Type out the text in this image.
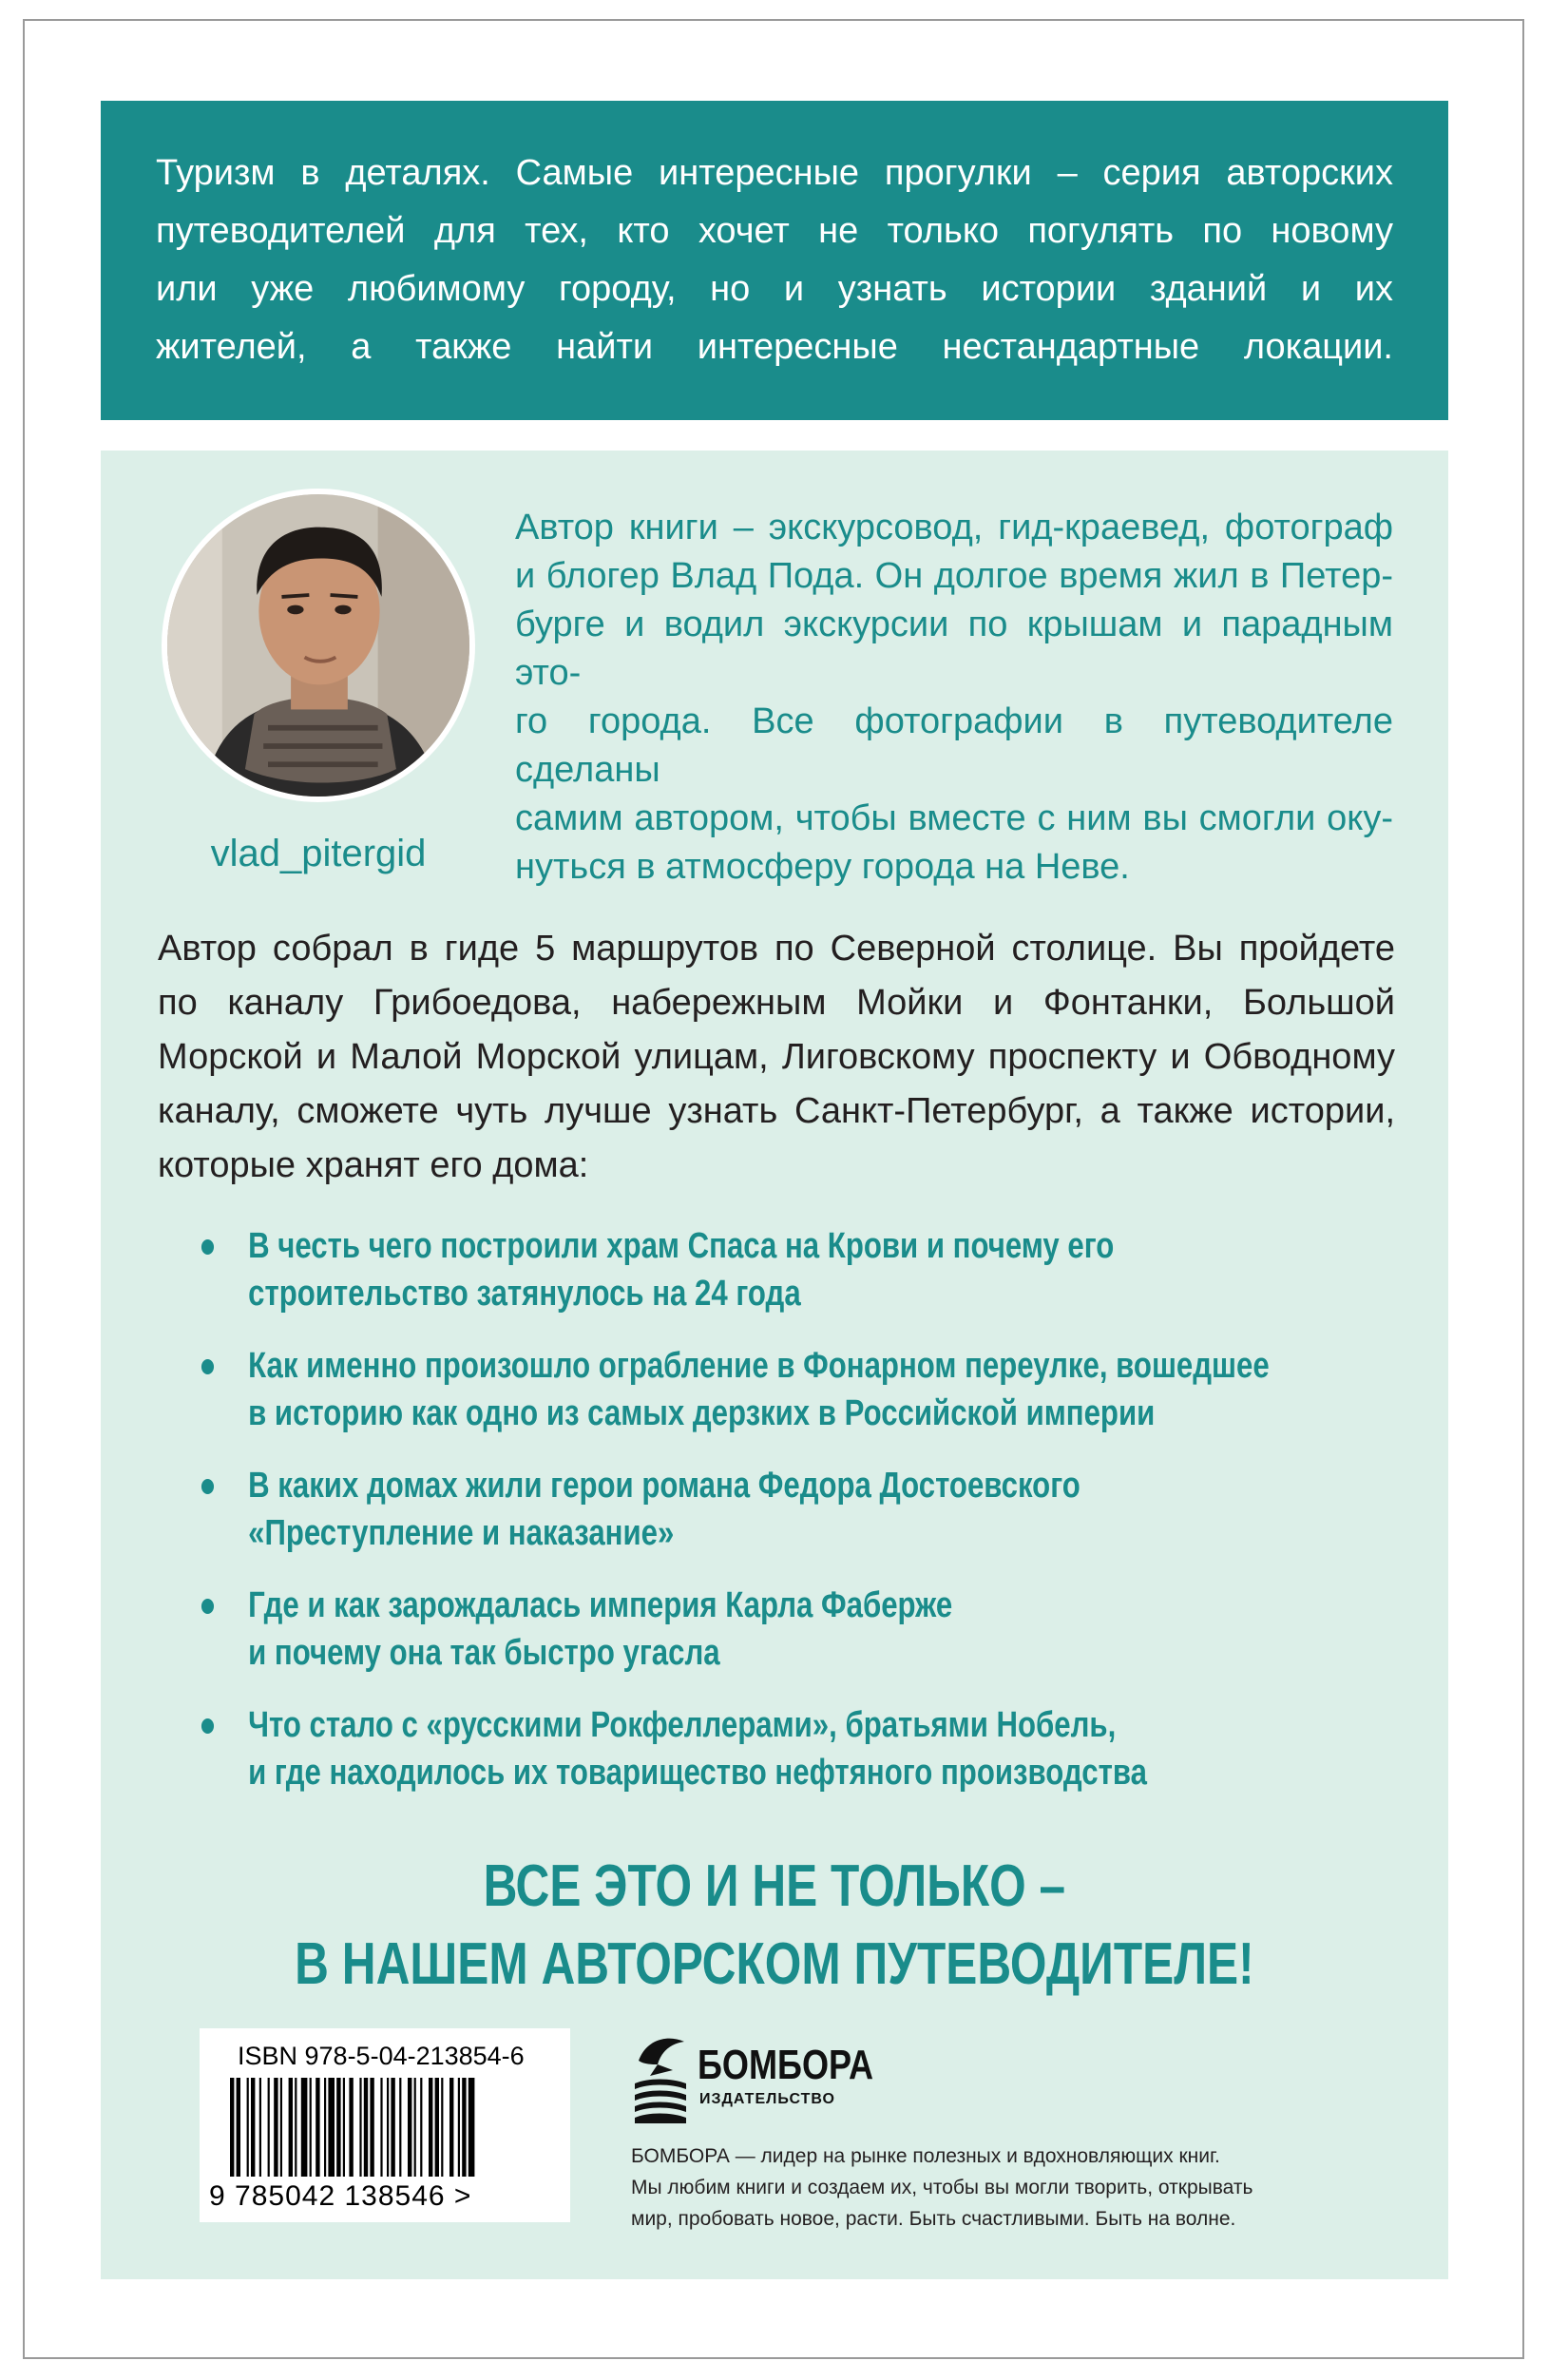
Туризм в деталях. Самые интересные прогулки – серия авторских
путеводителей для тех, кто хочет не только погулять по новому
или уже любимому городу, но и узнать истории зданий и их
жителей, а также найти интересные нестандартные локации.

vlad_pitergid
Автор книги – экскурсовод, гид-краевед, фотограф
и блогер Влад Пода. Он долгое время жил в Петер-
бурге и водил экскурсии по крышам и парадным это-
го города. Все фотографии в путеводителе сделаны
самим автором, чтобы вместе с ним вы смогли оку-
нуться в атмосферу города на Неве.
Автор собрал в гиде 5 маршрутов по Северной столице. Вы пройдете
по каналу Грибоедова, набережным Мойки и Фонтанки, Большой
Морской и Малой Морской улицам, Лиговскому проспекту и Обводному
каналу, сможете чуть лучше узнать Санкт-Петербург, а также истории,
которые хранят его дома:
В честь чего построили храм Спаса на Крови и почему его
строительство затянулось на 24 года
Как именно произошло ограбление в Фонарном переулке, вошедшее
в историю как одно из самых дерзких в Российской империи
В каких домах жили герои романа Федора Достоевского
«Преступление и наказание»
Где и как зарождалась империя Карла Фаберже
и почему она так быстро угасла
Что стало с «русскими Рокфеллерами», братьями Нобель,
и где находилось их товарищество нефтяного производства
ВСЕ ЭТО И НЕ ТОЛЬКО –
В НАШЕМ АВТОРСКОМ ПУТЕВОДИТЕЛЕ!
ISBN 978-5-04-213854-6
9 785042 138546 >
БОМБОРА
ИЗДАТЕЛЬСТВО
БОМБОРА — лидер на рынке полезных и вдохновляющих книг.
Мы любим книги и создаем их, чтобы вы могли творить, открывать
мир, пробовать новое, расти. Быть счастливыми. Быть на волне.
